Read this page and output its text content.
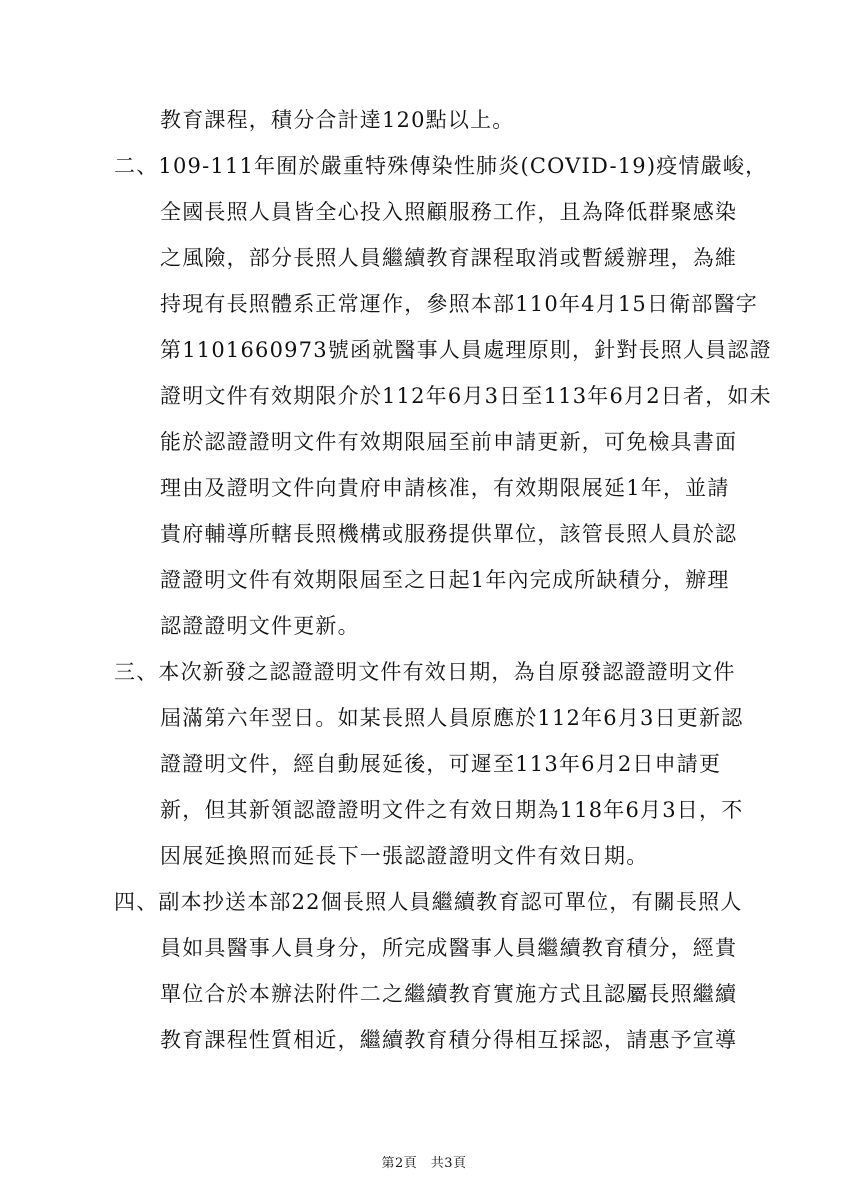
教育課程，積分合計達120點以上。
二、109-111年囿於嚴重特殊傳染性肺炎(COVID-19)疫情嚴峻，
全國長照人員皆全心投入照顧服務工作，且為降低群聚感染
之風險，部分長照人員繼續教育課程取消或暫緩辦理，為維
持現有長照體系正常運作，參照本部110年4月15日衛部醫字
第1101660973號函就醫事人員處理原則，針對長照人員認證
證明文件有效期限介於112年6月3日至113年6月2日者，如未
能於認證證明文件有效期限屆至前申請更新，可免檢具書面
理由及證明文件向貴府申請核准，有效期限展延1年，並請
貴府輔導所轄長照機構或服務提供單位，該管長照人員於認
證證明文件有效期限屆至之日起1年內完成所缺積分，辦理
認證證明文件更新。
三、本次新發之認證證明文件有效日期，為自原發認證證明文件
屆滿第六年翌日。如某長照人員原應於112年6月3日更新認
證證明文件，經自動展延後，可遲至113年6月2日申請更
新，但其新領認證證明文件之有效日期為118年6月3日，不
因展延換照而延長下一張認證證明文件有效日期。
四、副本抄送本部22個長照人員繼續教育認可單位，有關長照人
員如具醫事人員身分，所完成醫事人員繼續教育積分，經貴
單位合於本辦法附件二之繼續教育實施方式且認屬長照繼續
教育課程性質相近，繼續教育積分得相互採認，請惠予宣導
第2頁　共3頁
